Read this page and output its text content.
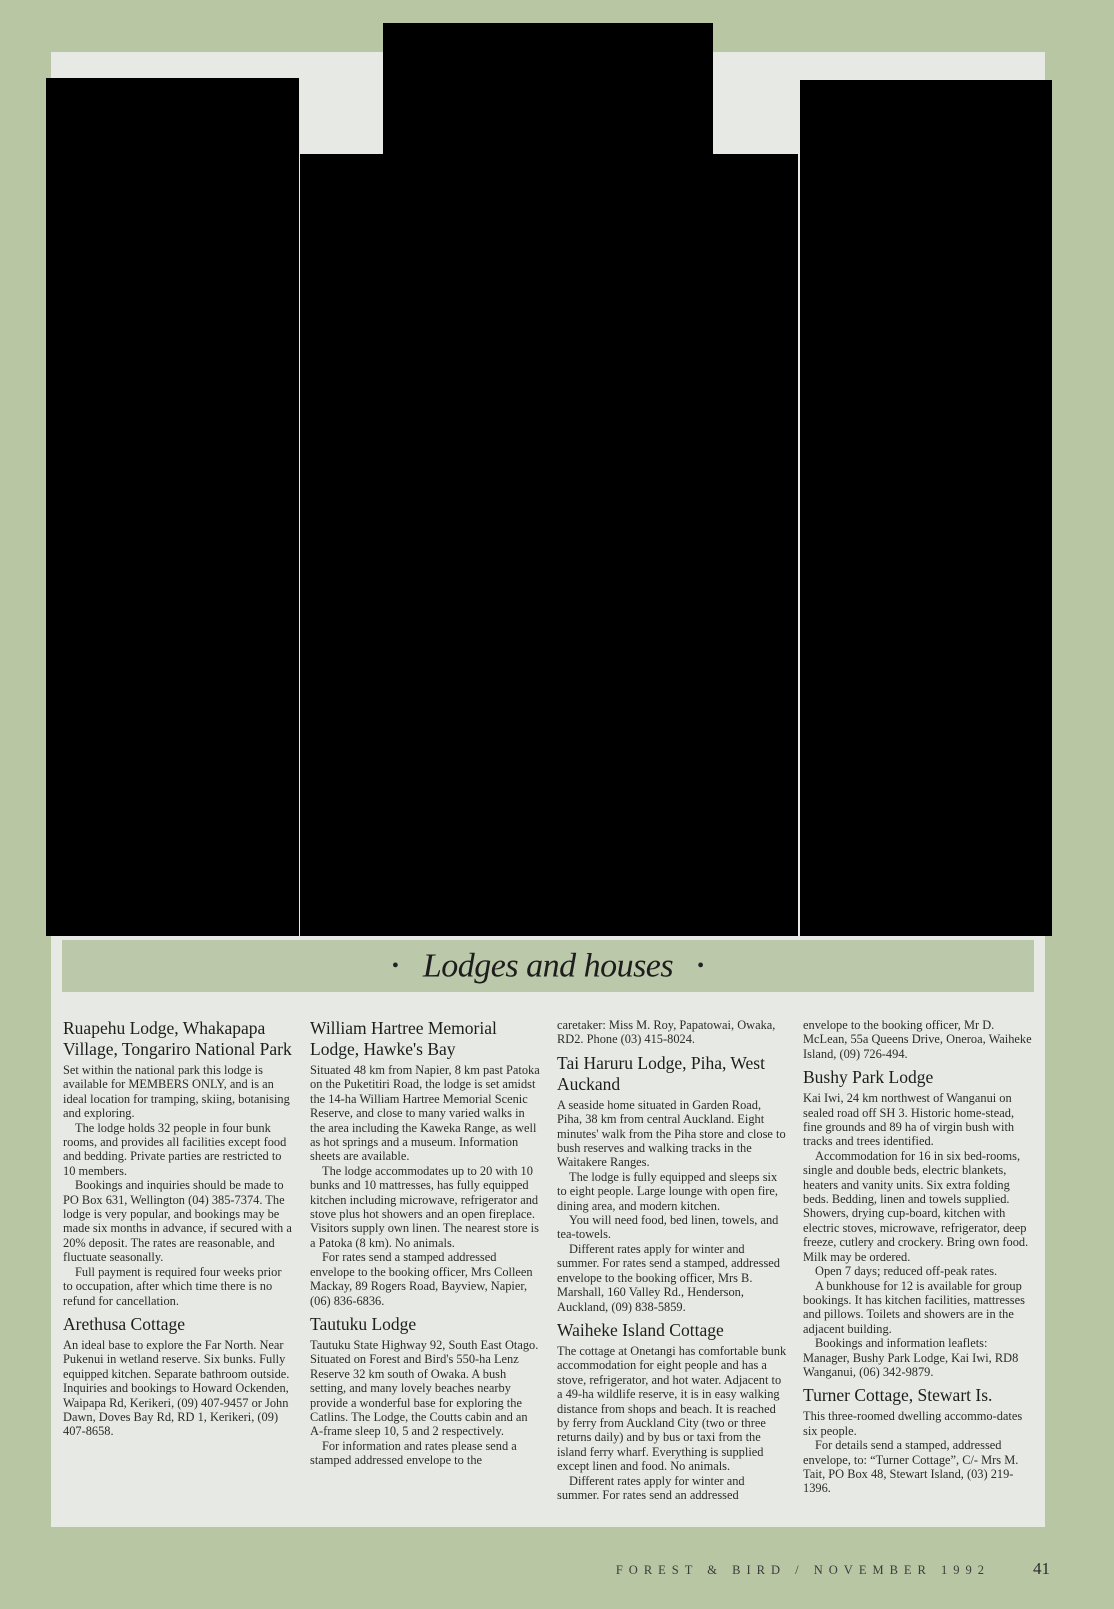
• Lodges and houses •
Ruapehu Lodge, Whakapapa Village, Tongariro National Park

Set within the national park this lodge is available for MEMBERS ONLY, and is an ideal location for tramping, skiing, botanising and exploring.

The lodge holds 32 people in four bunk rooms, and provides all facilities except food and bedding. Private parties are restricted to 10 members.

Bookings and inquiries should be made to PO Box 631, Wellington (04) 385-7374. The lodge is very popular, and bookings may be made six months in advance, if secured with a 20% deposit. The rates are reasonable, and fluctuate seasonally.

Full payment is required four weeks prior to occupation, after which time there is no refund for cancellation.

Arethusa Cottage

An ideal base to explore the Far North. Near Pukenui in wetland reserve. Six bunks. Fully equipped kitchen. Separate bathroom outside. Inquiries and bookings to Howard Ockenden, Waipapa Rd, Kerikeri, (09) 407-9457 or John Dawn, Doves Bay Rd, RD 1, Kerikeri, (09) 407-8658.

William Hartree Memorial Lodge, Hawke's Bay

Situated 48 km from Napier, 8 km past Patoka on the Puketitiri Road, the lodge is set amidst the 14-ha William Hartree Memorial Scenic Reserve, and close to many varied walks in the area including the Kaweka Range, as well as hot springs and a museum. Information sheets are available.

The lodge accommodates up to 20 with 10 bunks and 10 mattresses, has fully equipped kitchen including microwave, refrigerator and stove plus hot showers and an open fireplace. Visitors supply own linen. The nearest store is a Patoka (8 km). No animals.

For rates send a stamped addressed envelope to the booking officer, Mrs Colleen Mackay, 89 Rogers Road, Bayview, Napier, (06) 836-6836.

Tautuku Lodge

Tautuku State Highway 92, South East Otago. Situated on Forest and Bird's 550-ha Lenz Reserve 32 km south of Owaka. A bush setting, and many lovely beaches nearby provide a wonderful base for exploring the Catlins. The Lodge, the Coutts cabin and an A-frame sleep 10, 5 and 2 respectively.

For information and rates please send a stamped addressed envelope to the

caretaker: Miss M. Roy, Papatowai, Owaka, RD2. Phone (03) 415-8024.

Tai Haruru Lodge, Piha, West Auckand

A seaside home situated in Garden Road, Piha, 38 km from central Auckland. Eight minutes' walk from the Piha store and close to bush reserves and walking tracks in the Waitakere Ranges.

The lodge is fully equipped and sleeps six to eight people. Large lounge with open fire, dining area, and modern kitchen.

You will need food, bed linen, towels, and tea-towels.

Different rates apply for winter and summer. For rates send a stamped, addressed envelope to the booking officer, Mrs B. Marshall, 160 Valley Rd., Henderson, Auckland, (09) 838-5859.

Waiheke Island Cottage

The cottage at Onetangi has comfortable bunk accommodation for eight people and has a stove, refrigerator, and hot water. Adjacent to a 49-ha wildlife reserve, it is in easy walking distance from shops and beach. It is reached by ferry from Auckland City (two or three returns daily) and by bus or taxi from the island ferry wharf. Everything is supplied except linen and food. No animals.

Different rates apply for winter and summer. For rates send an addressed

envelope to the booking officer, Mr D. McLean, 55a Queens Drive, Oneroa, Waiheke Island, (09) 726-494.

Bushy Park Lodge

Kai Iwi, 24 km northwest of Wanganui on sealed road off SH 3. Historic home-stead, fine grounds and 89 ha of virgin bush with tracks and trees identified.

Accommodation for 16 in six bed-rooms, single and double beds, electric blankets, heaters and vanity units. Six extra folding beds. Bedding, linen and towels supplied. Showers, drying cup-board, kitchen with electric stoves, microwave, refrigerator, deep freeze, cutlery and crockery. Bring own food. Milk may be ordered.

Open 7 days; reduced off-peak rates.

A bunkhouse for 12 is available for group bookings. It has kitchen facilities, mattresses and pillows. Toilets and showers are in the adjacent building.

Bookings and information leaflets: Manager, Bushy Park Lodge, Kai Iwi, RD8 Wanganui, (06) 342-9879.

Turner Cottage, Stewart Is.

This three-roomed dwelling accommo-dates six people.

For details send a stamped, addressed envelope, to: “Turner Cottage”, C/- Mrs M. Tait, PO Box 48, Stewart Island, (03) 219-1396.

FOREST & BIRD / NOVEMBER 1992	41
